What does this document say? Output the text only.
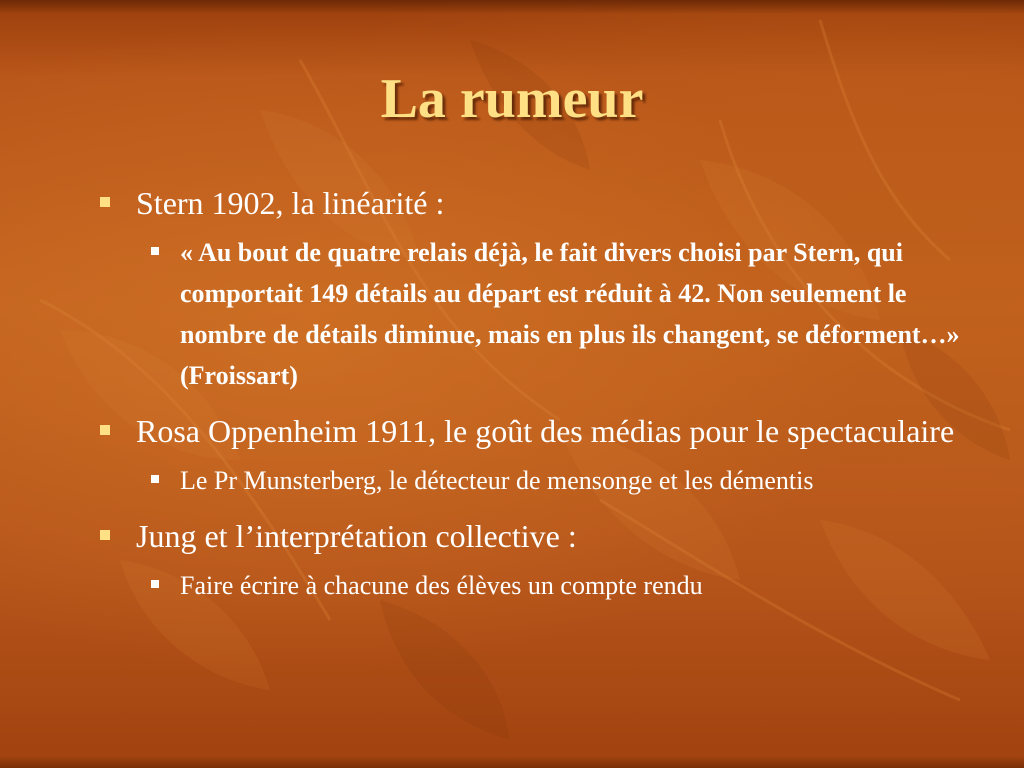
La rumeur

Stern 1902, la linéarité :

« Au bout de quatre relais déjà, le fait divers choisi par Stern, qui comportait 149 détails au départ est réduit à 42. Non seulement le nombre de détails diminue, mais en plus ils changent, se déforment…» (Froissart)

Rosa Oppenheim 1911, le goût des médias pour le spectaculaire

Le Pr Munsterberg, le détecteur de mensonge et les démentis

Jung et l’interprétation collective :

Faire écrire à chacune des élèves un compte rendu
